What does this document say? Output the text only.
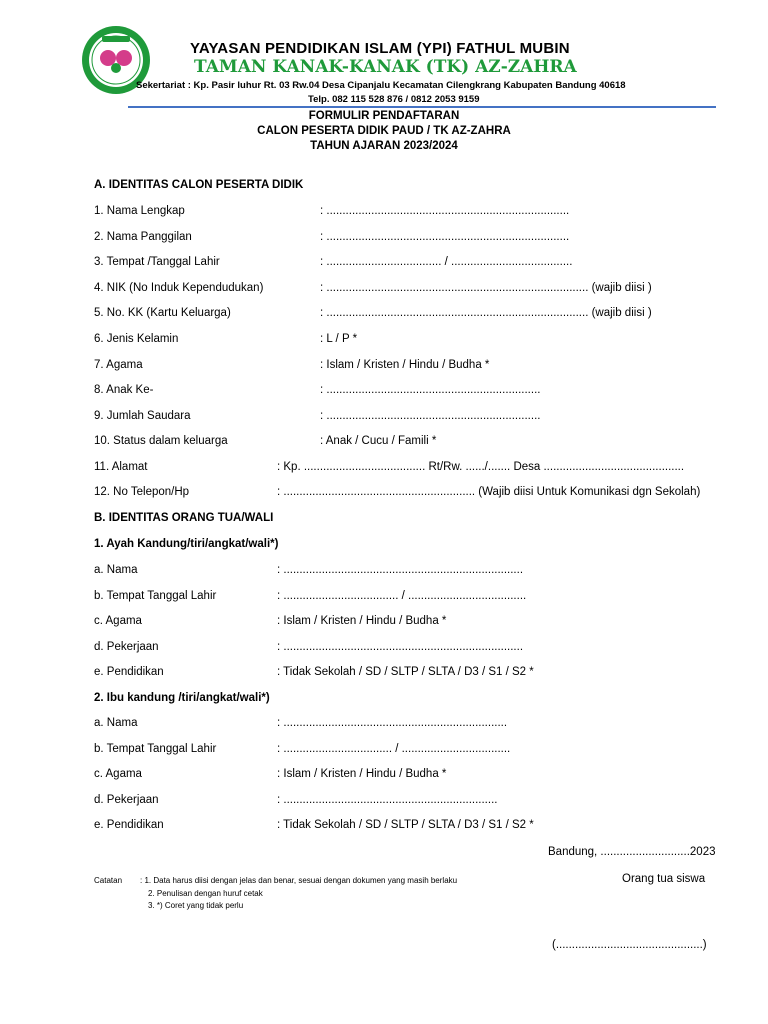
YAYASAN PENDIDIKAN ISLAM (YPI) FATHUL MUBIN
TAMAN KANAK-KANAK (TK) AZ-ZAHRA
Sekertariat : Kp. Pasir luhur Rt. 03 Rw.04 Desa Cipanjalu Kecamatan Cilengkrang Kabupaten Bandung 40618
Telp. 082 115 528 876 / 0812 2053 9159
FORMULIR PENDAFTARAN
CALON PESERTA DIDIK PAUD / TK AZ-ZAHRA
TAHUN AJARAN 2023/2024
A. IDENTITAS CALON PESERTA DIDIK
1. Nama Lengkap	: ............................................................................
2. Nama Panggilan	: ............................................................................
3. Tempat /Tanggal Lahir	: .................................... / ......................................
4. NIK (No Induk Kependudukan)	: .................................................................................. (wajib diisi )
5. No. KK (Kartu Keluarga)	: .................................................................................. (wajib diisi )
6. Jenis Kelamin	: L / P *
7. Agama	: Islam / Kristen / Hindu / Budha *
8. Anak Ke-	: ...................................................................
9. Jumlah Saudara	: ...................................................................
10. Status dalam keluarga	: Anak / Cucu / Famili *
11. Alamat	: Kp. ...................................... Rt/Rw. ....../....... Desa ............................................
12. No Telepon/Hp	: ............................................................ (Wajib diisi Untuk Komunikasi dgn Sekolah)
B. IDENTITAS ORANG TUA/WALI
1. Ayah Kandung/tiri/angkat/wali*)
a. Nama	: ...........................................................................
b. Tempat Tanggal Lahir	: .................................... / .....................................
c. Agama	: Islam / Kristen / Hindu / Budha *
d. Pekerjaan	: ...........................................................................
e. Pendidikan	: Tidak Sekolah / SD / SLTP / SLTA / D3 / S1 / S2 *
2. Ibu kandung /tiri/angkat/wali*)
a. Nama	: ......................................................................
b. Tempat Tanggal Lahir	: .................................. / ..................................
c. Agama	: Islam / Kristen / Hindu / Budha *
d. Pekerjaan	: ...................................................................
e. Pendidikan	: Tidak Sekolah / SD / SLTP / SLTA / D3 / S1 / S2 *
Bandung, ............................2023
Orang tua siswa
Catatan : 1. Data harus diisi dengan jelas dan benar, sesuai dengan dokumen yang masih berlaku
2. Penulisan dengan huruf cetak
3. *) Coret yang tidak perlu
(..............................................)
